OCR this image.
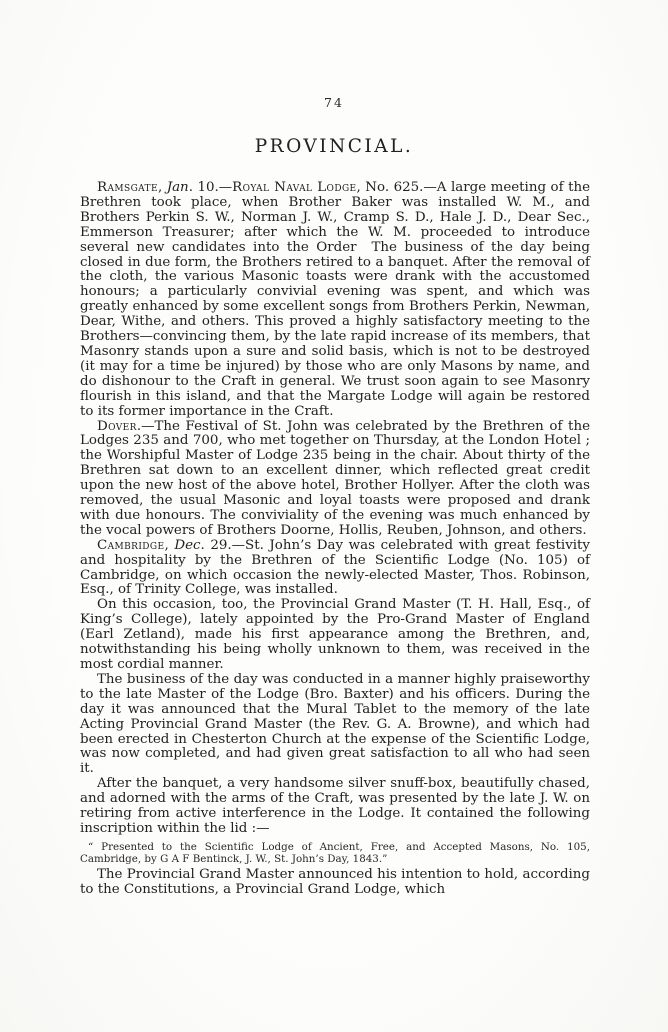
74
PROVINCIAL.

Ramsgate, Jan. 10.—Royal Naval Lodge, No. 625.—A large meeting of the Brethren took place, when Brother Baker was installed W. M., and Brothers Perkin S. W., Norman J. W., Cramp S. D., Hale J. D., Dear Sec., Emmerson Treasurer; after which the W. M. proceeded to introduce several new candidates into the Order  The business of the day being closed in due form, the Brothers retired to a banquet. After the removal of the cloth, the various Masonic toasts were drank with the accustomed honours; a particularly convivial evening was spent, and which was greatly enhanced by some excellent songs from Brothers Perkin, Newman, Dear, Withe, and others. This proved a highly satisfactory meeting to the Brothers—convincing them, by the late rapid increase of its members, that Masonry stands upon a sure and solid basis, which is not to be destroyed (it may for a time be injured) by those who are only Masons by name, and do dishonour to the Craft in general. We trust soon again to see Masonry flourish in this island, and that the Margate Lodge will again be restored to its former importance in the Craft.

Dover.—The Festival of St. John was celebrated by the Brethren of the Lodges 235 and 700, who met together on Thursday, at the London Hotel ; the Worshipful Master of Lodge 235 being in the chair. About thirty of the Brethren sat down to an excellent dinner, which reflected great credit upon the new host of the above hotel, Brother Hollyer. After the cloth was removed, the usual Masonic and loyal toasts were proposed and drank with due honours. The conviviality of the evening was much enhanced by the vocal powers of Brothers Doorne, Hollis, Reuben, Johnson, and others.

Cambridge, Dec. 29.—St. John’s Day was celebrated with great festivity and hospitality by the Brethren of the Scientific Lodge (No. 105) of Cambridge, on which occasion the newly-elected Master, Thos. Robinson, Esq., of Trinity College, was installed.

On this occasion, too, the Provincial Grand Master (T. H. Hall, Esq., of King’s College), lately appointed by the Pro-Grand Master of England (Earl Zetland), made his first appearance among the Brethren, and, notwithstanding his being wholly unknown to them, was received in the most cordial manner.

The business of the day was conducted in a manner highly praiseworthy to the late Master of the Lodge (Bro. Baxter) and his officers. During the day it was announced that the Mural Tablet to the memory of the late Acting Provincial Grand Master (the Rev. G. A. Browne), and which had been erected in Chesterton Church at the expense of the Scientific Lodge, was now completed, and had given great satisfaction to all who had seen it.

After the banquet, a very handsome silver snuff-box, beautifully chased, and adorned with the arms of the Craft, was presented by the late J. W. on retiring from active interference in the Lodge. It contained the following inscription within the lid :—

“ Presented to the Scientific Lodge of Ancient, Free, and Accepted Masons, No. 105, Cambridge, by G A F Bentinck, J. W., St. John’s Day, 1843.”

The Provincial Grand Master announced his intention to hold, according to the Constitutions, a Provincial Grand Lodge, which
